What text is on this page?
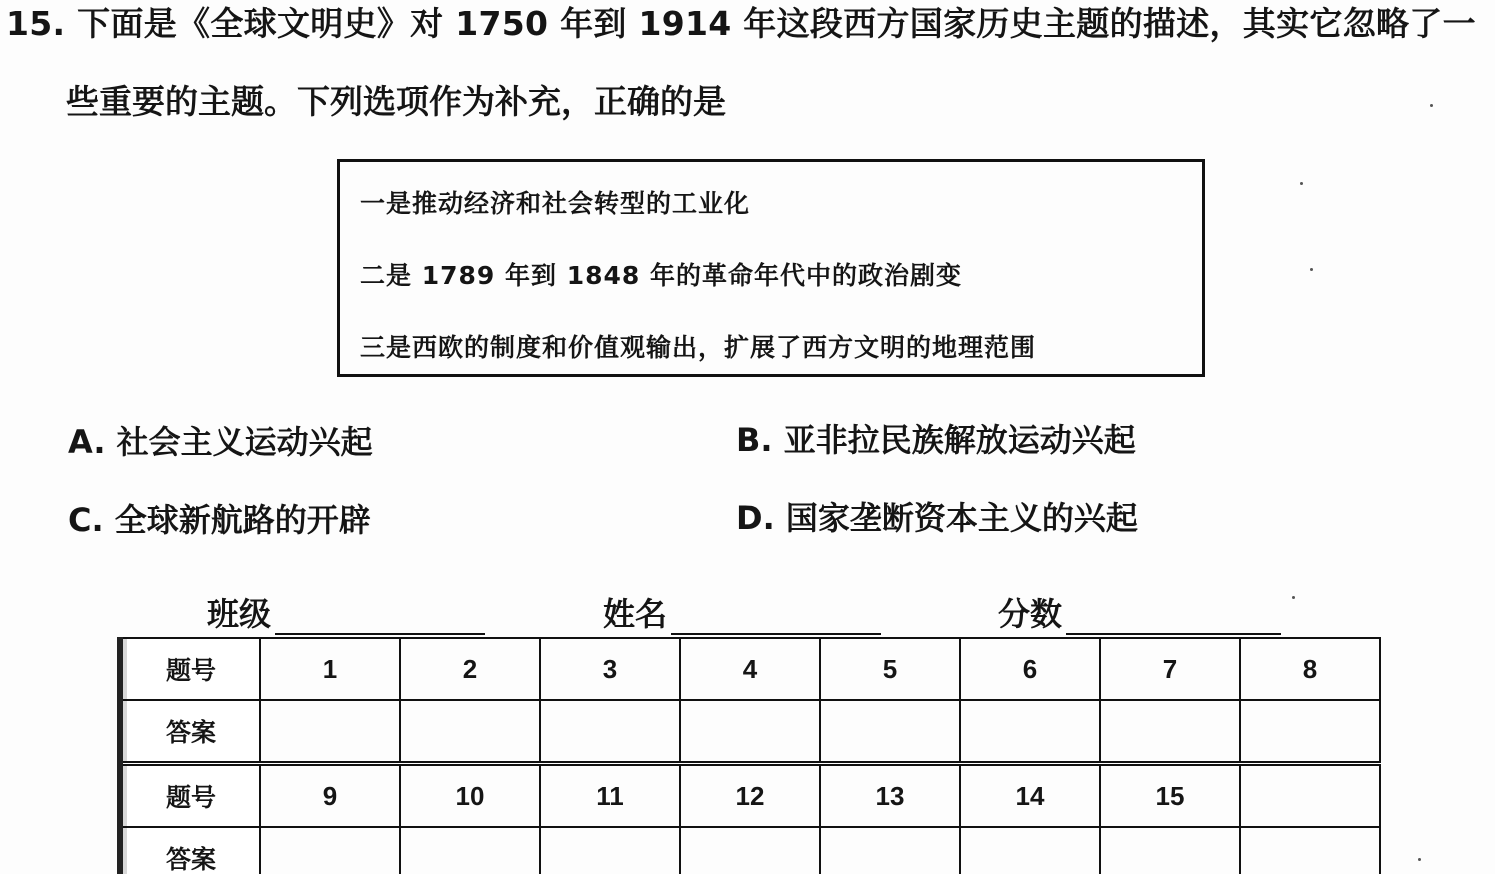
15. 下面是《全球文明史》对 1750 年到 1914 年这段西方国家历史主题的描述，其实它忽略了一
些重要的主题。下列选项作为补充，正确的是
一是推动经济和社会转型的工业化
二是 1789 年到 1848 年的革命年代中的政治剧变
三是西欧的制度和价值观输出，扩展了西方文明的地理范围
A. 社会主义运动兴起	B. 亚非拉民族解放运动兴起
C. 全球新航路的开辟	D. 国家垄断资本主义的兴起
班级	姓名	分数
题号	1	2	3	4	5	6	7	8
答案								
题号	9	10	11	12	13	14	15	
答案								
